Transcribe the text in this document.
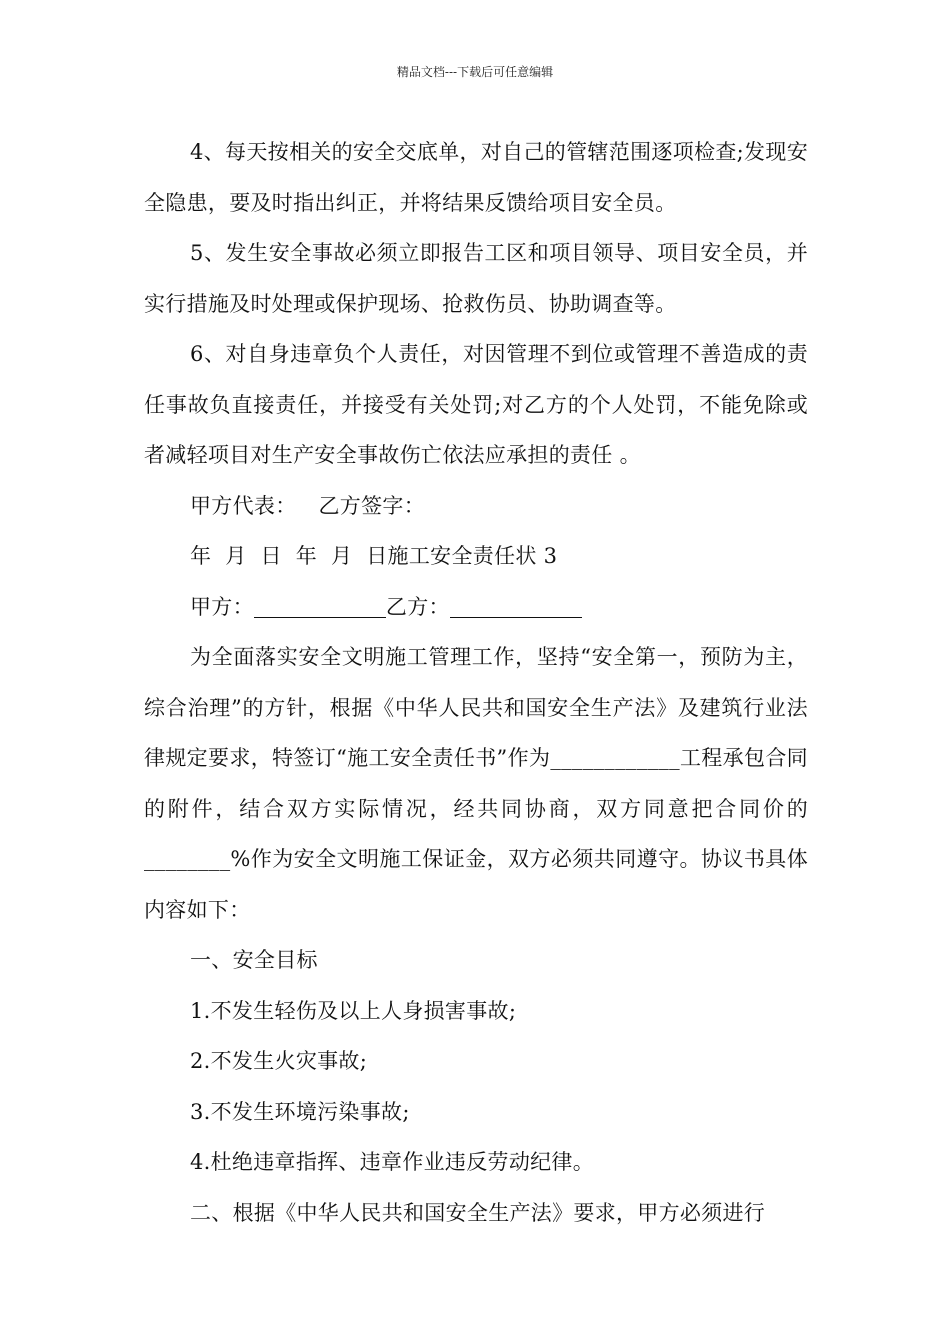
精品文档---下载后可任意编辑

4、每天按相关的安全交底单，对自己的管辖范围逐项检查;发现安全隐患，要及时指出纠正，并将结果反馈给项目安全员。

5、发生安全事故必须立即报告工区和项目领导、项目安全员，并实行措施及时处理或保护现场、抢救伤员、协助调查等。

6、对自身违章负个人责任，对因管理不到位或管理不善造成的责任事故负直接责任，并接受有关处罚;对乙方的个人处罚，不能免除或者减轻项目对生产安全事故伤亡依法应承担的责任 。

甲方代表： 乙方签字：

年  月  日  年  月  日施工安全责任状 3

甲方：	乙方：

为全面落实安全文明施工管理工作，坚持“安全第一，预防为主，综合治理”的方针，根据《中华人民共和国安全生产法》及建筑行业法律规定要求，特签订“施工安全责任书”作为____________工程承包合同的附件，结合双方实际情况，经共同协商，双方同意把合同价的________%作为安全文明施工保证金，双方必须共同遵守。协议书具体内容如下：

一、安全目标

1.不发生轻伤及以上人身损害事故;

2.不发生火灾事故;

3.不发生环境污染事故;

4.杜绝违章指挥、违章作业违反劳动纪律。

二、根据《中华人民共和国安全生产法》要求，甲方必须进行
